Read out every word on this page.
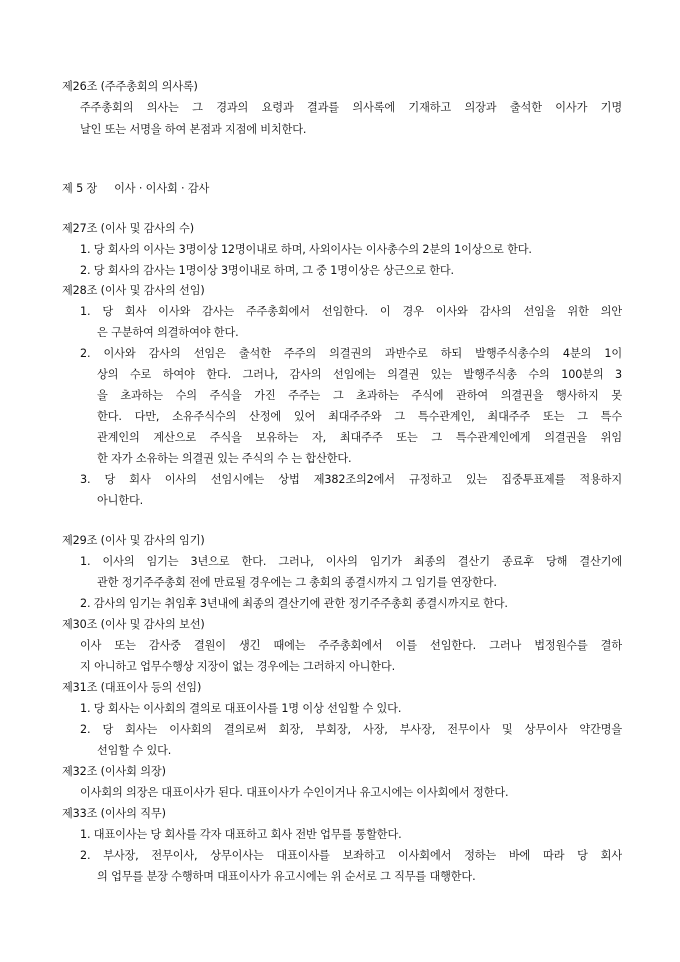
제26조 (주주총회의 의사록)
주주총회의 의사는 그 경과의 요령과 결과를 의사록에 기재하고 의장과 출석한 이사가 기명
날인 또는 서명을 하여 본점과 지점에 비치한다.
제 5 장     이사 · 이사회 · 감사
제27조 (이사 및 감사의 수)
1. 당 회사의 이사는 3명이상 12명이내로 하며, 사외이사는 이사총수의 2분의 1이상으로 한다.
2. 당 회사의 감사는 1명이상 3명이내로 하며, 그 중 1명이상은 상근으로 한다.
제28조 (이사 및 감사의 선임)
1. 당 회사 이사와 감사는 주주총회에서 선임한다. 이 경우 이사와 감사의 선임을 위한 의안
은 구분하여 의결하여야 한다.
2. 이사와 감사의 선임은 출석한 주주의 의결권의 과반수로 하되 발행주식총수의 4분의 1이
상의 수로 하여야 한다. 그러나, 감사의 선임에는 의결권 있는 발행주식총 수의 100분의 3
을 초과하는 수의 주식을 가진 주주는 그 초과하는 주식에 관하여 의결권을 행사하지 못
한다. 다만, 소유주식수의 산정에 있어 최대주주와 그 특수관계인, 최대주주 또는 그 특수
관계인의 계산으로 주식을 보유하는 자, 최대주주 또는 그 특수관계인에게 의결권을 위임
한 자가 소유하는 의결권 있는 주식의 수 는 합산한다.
3. 당 회사 이사의 선임시에는 상법 제382조의2에서 규정하고 있는 집중투표제를 적용하지
아니한다.
제29조 (이사 및 감사의 임기)
1. 이사의 임기는 3년으로 한다. 그러나, 이사의 임기가 최종의 결산기 종료후 당해 결산기에
관한 정기주주총회 전에 만료될 경우에는 그 총회의 종결시까지 그 임기를 연장한다.
2. 감사의 임기는 취임후 3년내에 최종의 결산기에 관한 정기주주총회 종결시까지로 한다.
제30조 (이사 및 감사의 보선)
이사 또는 감사중 결원이 생긴 때에는 주주총회에서 이를 선임한다. 그러나 법정원수를 결하
지 아니하고 업무수행상 지장이 없는 경우에는 그러하지 아니한다.
제31조 (대표이사 등의 선임)
1. 당 회사는 이사회의 결의로 대표이사를 1명 이상 선임할 수 있다.
2. 당 회사는 이사회의 결의로써 회장, 부회장, 사장, 부사장, 전무이사 및 상무이사 약간명을
선임할 수 있다.
제32조 (이사회 의장)
이사회의 의장은 대표이사가 된다. 대표이사가 수인이거나 유고시에는 이사회에서 정한다.
제33조 (이사의 직무)
1. 대표이사는 당 회사를 각자 대표하고 회사 전반 업무를 통할한다.
2. 부사장, 전무이사, 상무이사는 대표이사를 보좌하고 이사회에서 정하는 바에 따라 당 회사
의 업무를 분장 수행하며 대표이사가 유고시에는 위 순서로 그 직무를 대행한다.
